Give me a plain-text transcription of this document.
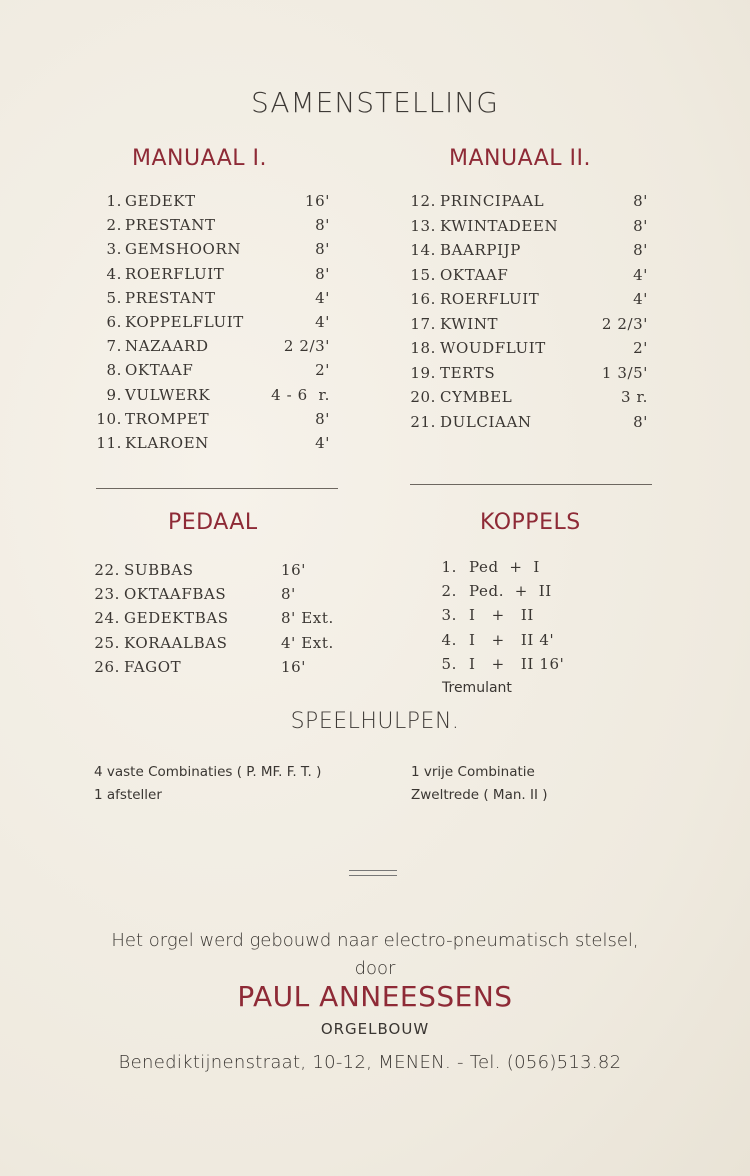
SAMENSTELLING
MANUAAL I.	MANUAAL II.
1. GEDEKT	16'
2. PRESTANT	8'
3. GEMSHOORN	8'
4. ROERFLUIT	8'
5. PRESTANT	4'
6. KOPPELFLUIT	4'
7. NAZAARD	2 2/3'
8. OKTAAF	2'
9. VULWERK	4 - 6  r.
10. TROMPET	8'
11. KLAROEN	4'
12. PRINCIPAAL	8'
13. KWINTADEEN	8'
14. BAARPIJP	8'
15. OKTAAF	4'
16. ROERFLUIT	4'
17. KWINT	2 2/3'
18. WOUDFLUIT	2'
19. TERTS	1 3/5'
20. CYMBEL	3 r.
21. DULCIAAN	8'
PEDAAL	KOPPELS
22. SUBBAS	16'
23. OKTAAFBAS	8'
24. GEDEKTBAS	8' Ext.
25. KORAALBAS	4' Ext.
26. FAGOT	16'
1. Ped  +  I
2. Ped.  +  II
3. I   +   II
4. I   +   II 4'
5. I   +   II 16'
Tremulant
SPEELHULPEN.
4 vaste Combinaties ( P. MF. F. T. )
1 afsteller
1 vrije Combinatie
Zweltrede ( Man. II )
Het orgel werd gebouwd naar electro-pneumatisch stelsel,
door
PAUL ANNEESSENS
ORGELBOUW
Benediktijnenstraat, 10-12, MENEN. - Tel. (056)513.82
